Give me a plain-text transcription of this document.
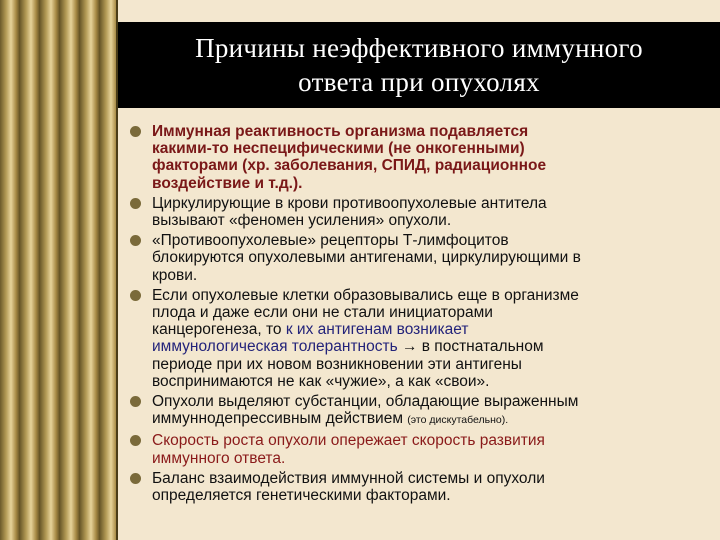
Причины неэффективного иммунного
ответа при опухолях
Иммунная реактивность организма подавляется
какими-то неспецифическими (не онкогенными)
факторами (хр. заболевания, СПИД, радиационное
воздействие и т.д.).
Циркулирующие в крови противоопухолевые антитела
вызывают «феномен усиления» опухоли.
«Противоопухолевые» рецепторы Т-лимфоцитов
блокируются опухолевыми антигенами, циркулирующими в
крови.
Если опухолевые клетки образовывались еще в организме
плода и даже если они не стали инициаторами
канцерогенеза, то к их антигенам возникает
иммунологическая толерантность → в постнатальном
периоде при их новом возникновении эти антигены
воспринимаются не как «чужие», а как «свои».
Опухоли выделяют субстанции, обладающие выраженным
иммуннодепрессивным действием (это дискутабельно).
Скорость роста опухоли опережает скорость развития
иммунного ответа.
Баланс взаимодействия иммунной системы и опухоли
определяется генетическими факторами.
